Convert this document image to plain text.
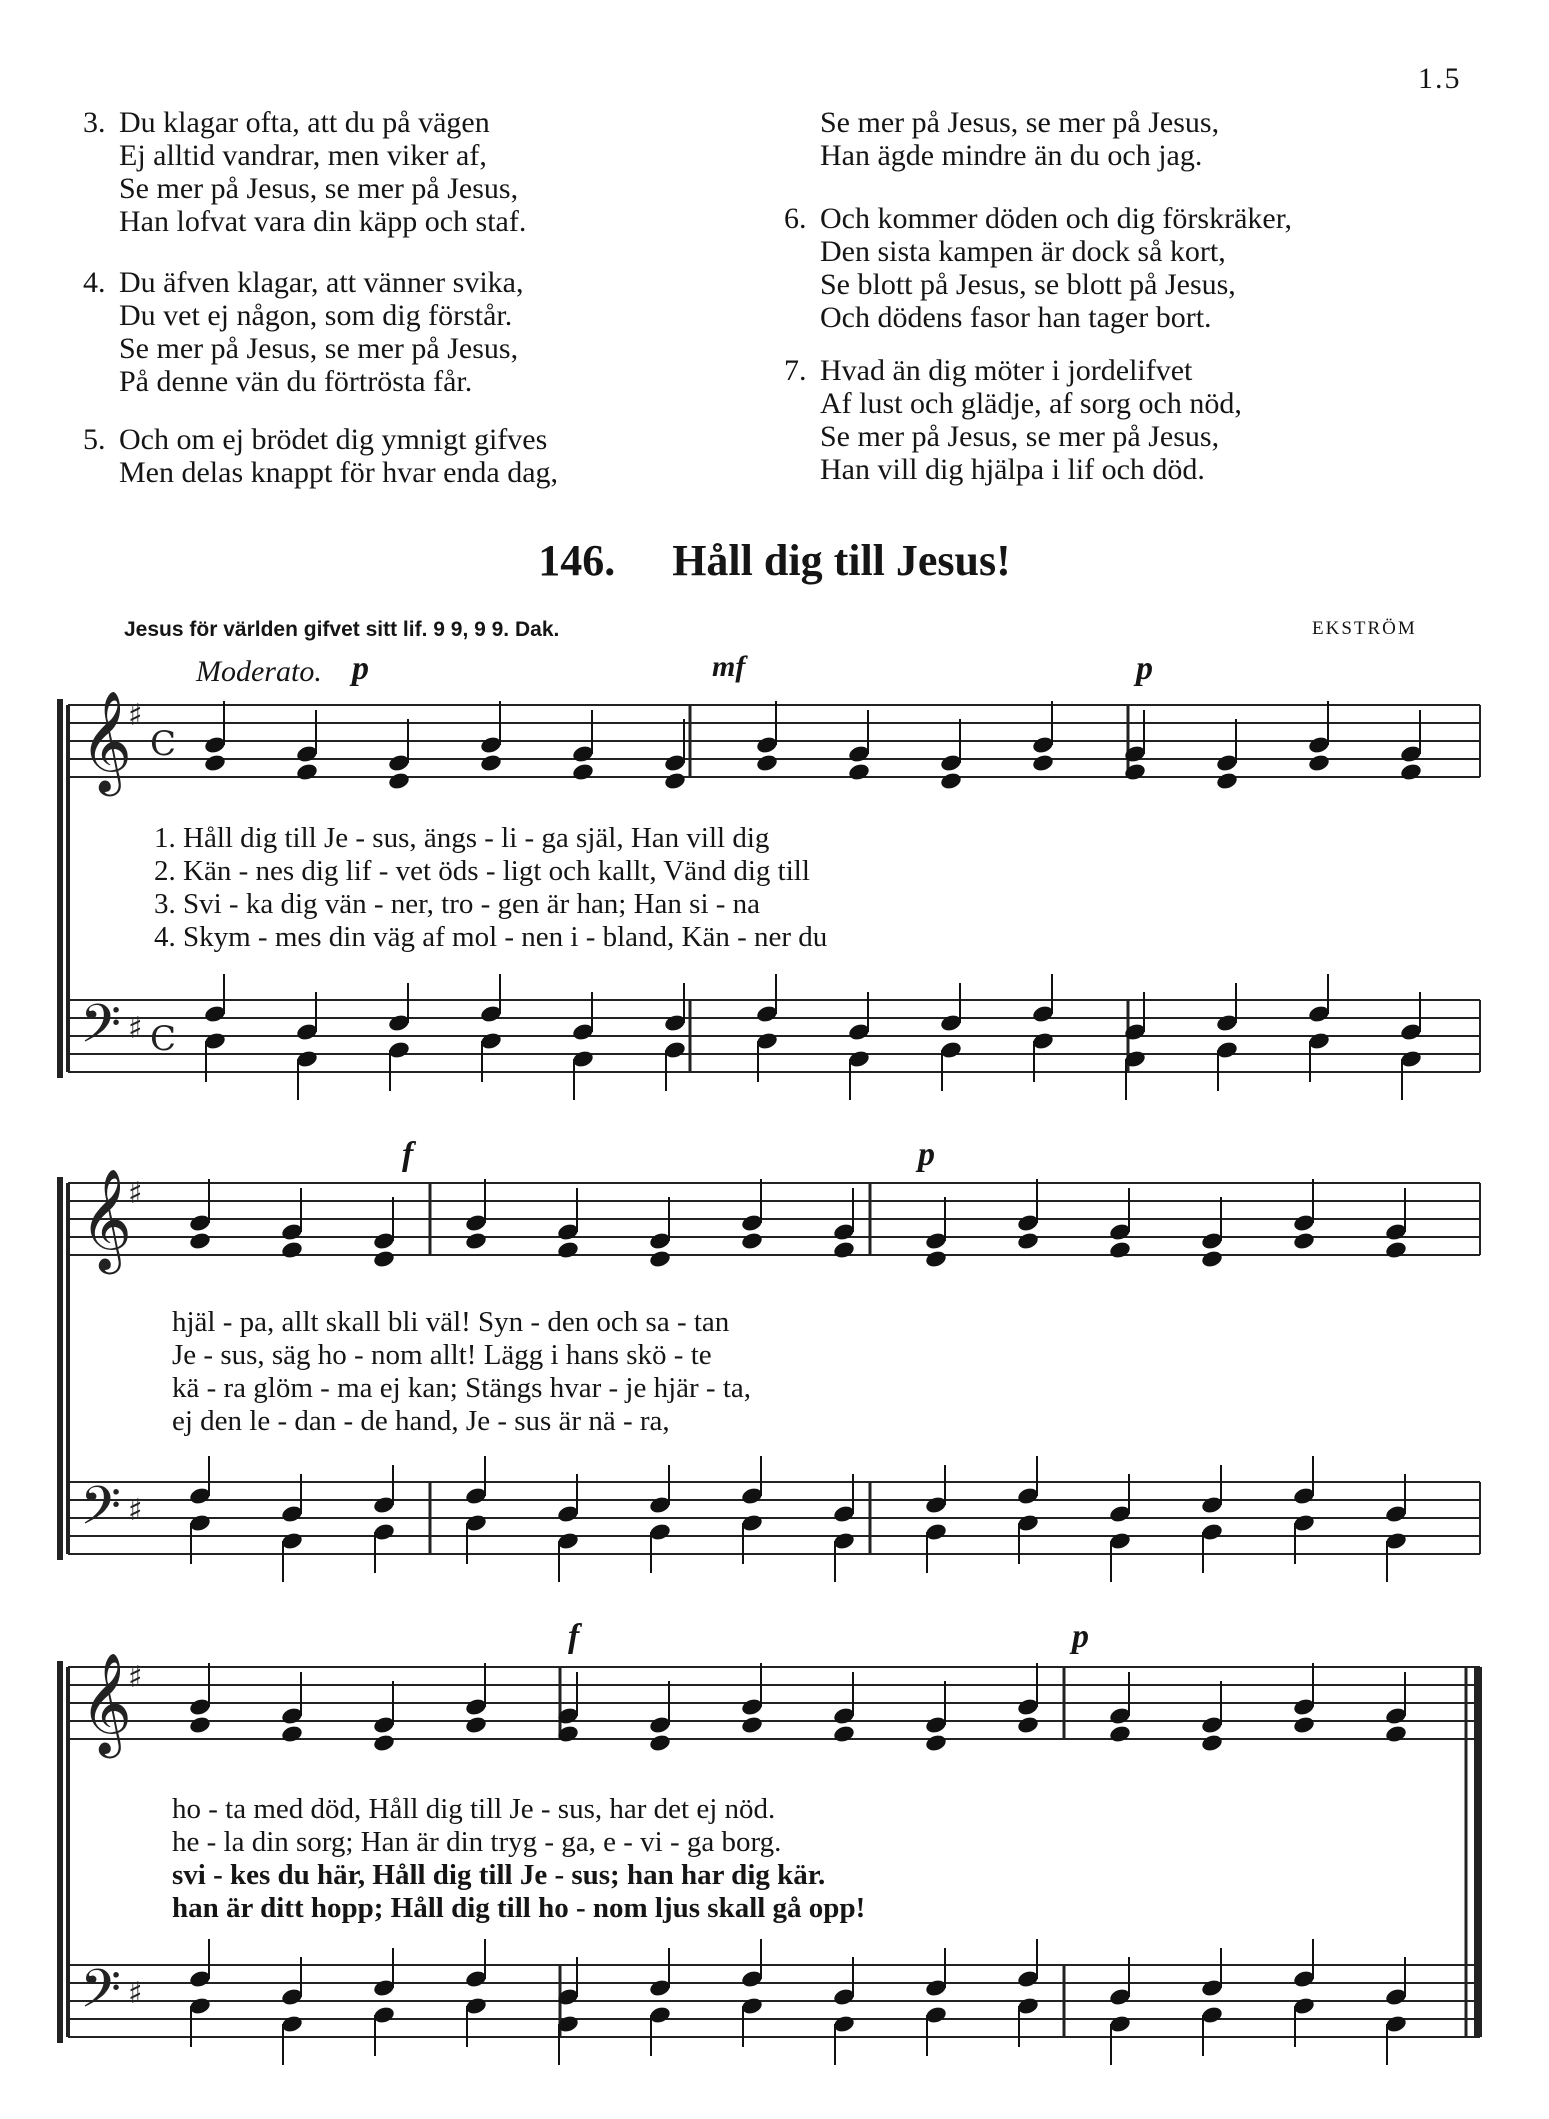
1.5
3. Du klagar ofta, att du på vägen
Ej alltid vandrar, men viker af,
Se mer på Jesus, se mer på Jesus,
Han lofvat vara din käpp och staf.
4. Du äfven klagar, att vänner svika,
Du vet ej någon, som dig förstår.
Se mer på Jesus, se mer på Jesus,
På denne vän du förtrösta får.
5. Och om ej brödet dig ymnigt gifves
Men delas knappt för hvar enda dag,
Se mer på Jesus, se mer på Jesus,
Han ägde mindre än du och jag.
6. Och kommer döden och dig förskräker,
Den sista kampen är dock så kort,
Se blott på Jesus, se blott på Jesus,
Och dödens fasor han tager bort.
7. Hvad än dig möter i jordelifvet
Af lust och glädje, af sorg och nöd,
Se mer på Jesus, se mer på Jesus,
Han vill dig hjälpa i lif och död.
146. Håll dig till Jesus!
Jesus för världen gifvet sitt lif. 9 9, 9 9. Dak.	EKSTRÖM
Moderato. p	mf	p
f	p
f	p
𝄞
𝄢
♯
♯
C
C
𝄞
𝄢
♯
♯
𝄞
𝄢
♯
♯
1. Håll dig till Je - sus, ängs - li - ga själ, Han vill dig
2. Kän - nes dig lif - vet öds - ligt och kallt, Vänd dig till
3. Svi - ka dig vän - ner, tro - gen är han; Han si - na
4. Skym - mes din väg af mol - nen i - bland, Kän - ner du
hjäl - pa, allt skall bli väl! Syn - den och sa - tan
Je - sus, säg ho - nom allt! Lägg i hans skö - te
kä - ra glöm - ma ej kan; Stängs hvar - je hjär - ta,
ej den le - dan - de hand, Je - sus är nä - ra,
ho - ta med död, Håll dig till Je - sus, har det ej nöd.
he - la din sorg; Han är din tryg - ga, e - vi - ga borg.
svi - kes du här, Håll dig till Je - sus; han har dig kär.
han är ditt hopp; Håll dig till ho - nom ljus skall gå opp!
